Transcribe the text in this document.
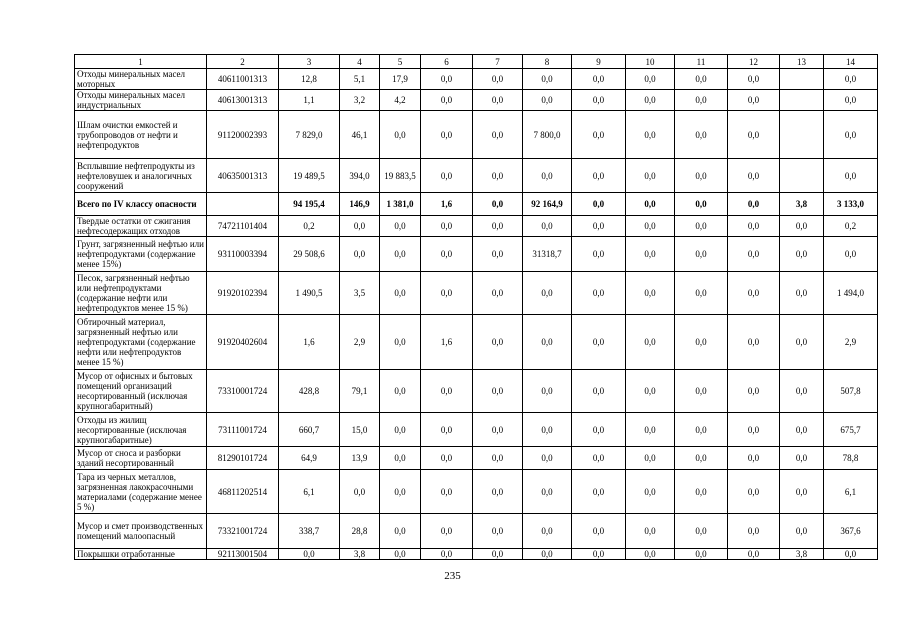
1	2	3	4	5	6	7	8	9	10	11	12	13	14
Отходы минеральных масел моторных	40611001313	12,8	5,1	17,9	0,0	0,0	0,0	0,0	0,0	0,0	0,0		0,0
Отходы минеральных масел индустриальных	40613001313	1,1	3,2	4,2	0,0	0,0	0,0	0,0	0,0	0,0	0,0		0,0
Шлам очистки емкостей и трубопроводов от нефти и нефтепродуктов	91120002393	7 829,0	46,1	0,0	0,0	0,0	7 800,0	0,0	0,0	0,0	0,0		0,0
Всплывшие нефтепродукты из нефтеловушек и аналогичных сооружений	40635001313	19 489,5	394,0	19 883,5	0,0	0,0	0,0	0,0	0,0	0,0	0,0		0,0
Всего по IV классу опасности		94 195,4	146,9	1 381,0	1,6	0,0	92 164,9	0,0	0,0	0,0	0,0	3,8	3 133,0
Твердые остатки от сжигания нефтесодержащих отходов	74721101404	0,2	0,0	0,0	0,0	0,0	0,0	0,0	0,0	0,0	0,0	0,0	0,2
Грунт, загрязненный нефтью или нефтепродуктами (содержание менее 15%)	93110003394	29 508,6	0,0	0,0	0,0	0,0	31318,7	0,0	0,0	0,0	0,0	0,0	0,0
Песок, загрязненный нефтью или нефтепродуктами (содержание нефти или нефтепродуктов менее 15 %)	91920102394	1 490,5	3,5	0,0	0,0	0,0	0,0	0,0	0,0	0,0	0,0	0,0	1 494,0
Обтирочный материал, загрязненный нефтью или нефтепродуктами (содержание нефти или нефтепродуктов менее 15 %)	91920402604	1,6	2,9	0,0	1,6	0,0	0,0	0,0	0,0	0,0	0,0	0,0	2,9
Мусор от офисных и бытовых помещений организаций несортированный (исключая крупногабаритный)	73310001724	428,8	79,1	0,0	0,0	0,0	0,0	0,0	0,0	0,0	0,0	0,0	507,8
Отходы из жилищ несортированные (исключая крупногабаритные)	73111001724	660,7	15,0	0,0	0,0	0,0	0,0	0,0	0,0	0,0	0,0	0,0	675,7
Мусор от сноса и разборки зданий несортированный	81290101724	64,9	13,9	0,0	0,0	0,0	0,0	0,0	0,0	0,0	0,0	0,0	78,8
Тара из черных металлов, загрязненная лакокрасочными материалами (содержание менее 5 %)	46811202514	6,1	0,0	0,0	0,0	0,0	0,0	0,0	0,0	0,0	0,0	0,0	6,1
Мусор и смет производственных помещений малоопасный	73321001724	338,7	28,8	0,0	0,0	0,0	0,0	0,0	0,0	0,0	0,0	0,0	367,6
Покрышки отработанные	92113001504	0,0	3,8	0,0	0,0	0,0	0,0	0,0	0,0	0,0	0,0	3,8	0,0
235
